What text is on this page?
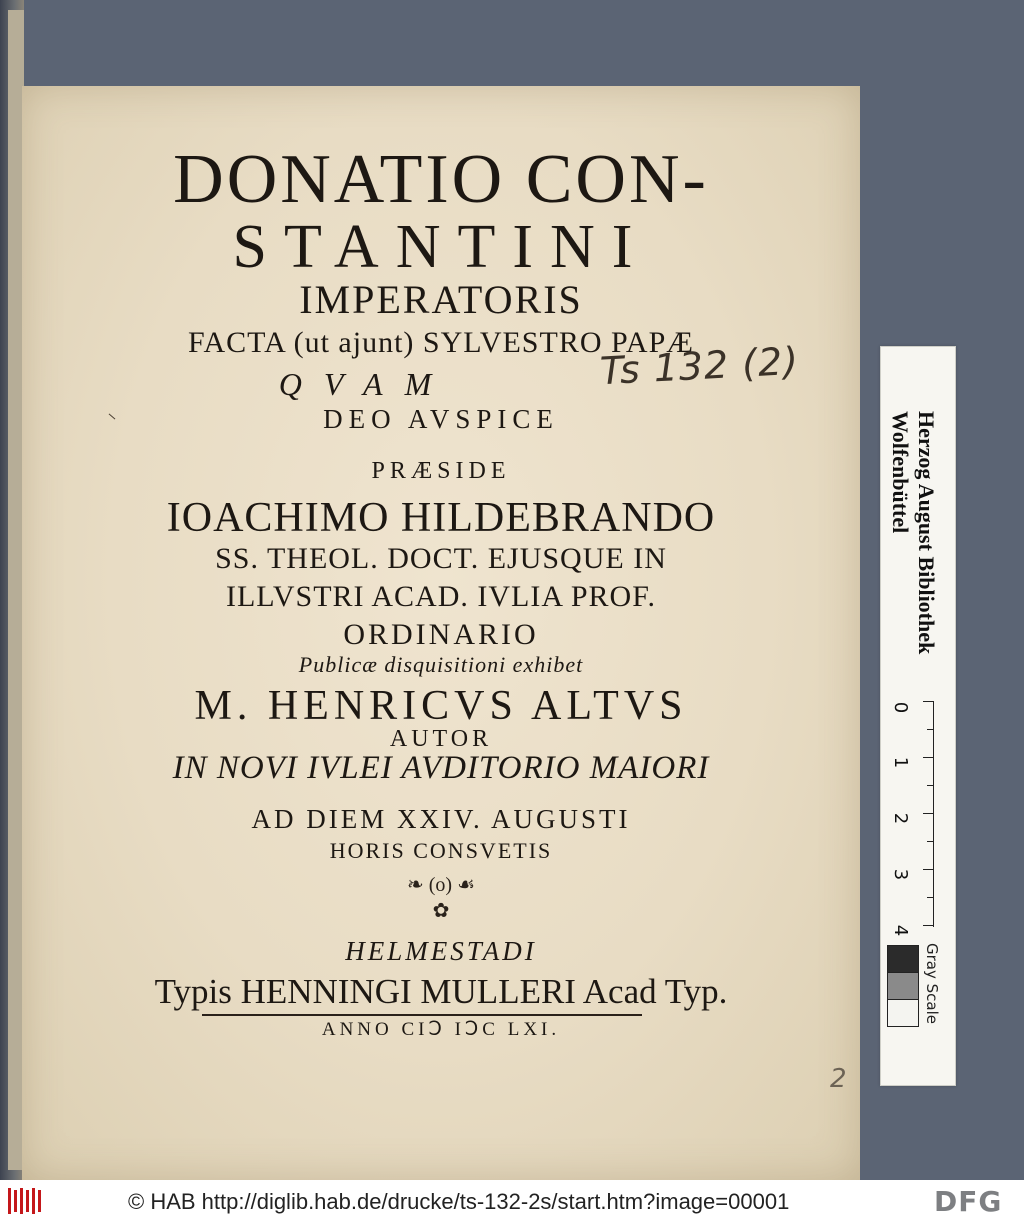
DONATIO CON-

STANTINI

IMPERATORIS

FACTA (ut ajunt) SYLVESTRO PAPÆ

QVAM

DEO AVSPICE

PRÆSIDE

IOACHIMO HILDEBRANDO

SS. THEOL. DOCT. EJUSQUE IN

ILLVSTRI ACAD. IVLIA PROF.

ORDINARIO

Publicæ disquisitioni exhibet

M. HENRICVS ALTVS

AUTOR

IN NOVI IVLEI AVDITORIO MAIORI

AD DIEM XXIV. AUGUSTI

HORIS CONSVETIS

❧ (o) ☙
✿

HELMESTADI

Typis HENNINGI MULLERI Acad Typ.

ANNO CIↃ IↃC LXI.

Ts 132 (2)
2
Herzog August Bibliothek
Wolfenbüttel
0
1
2
3
4
Gray Scale
© HAB http://diglib.hab.de/drucke/ts-132-2s/start.htm?image=00001	DFG
